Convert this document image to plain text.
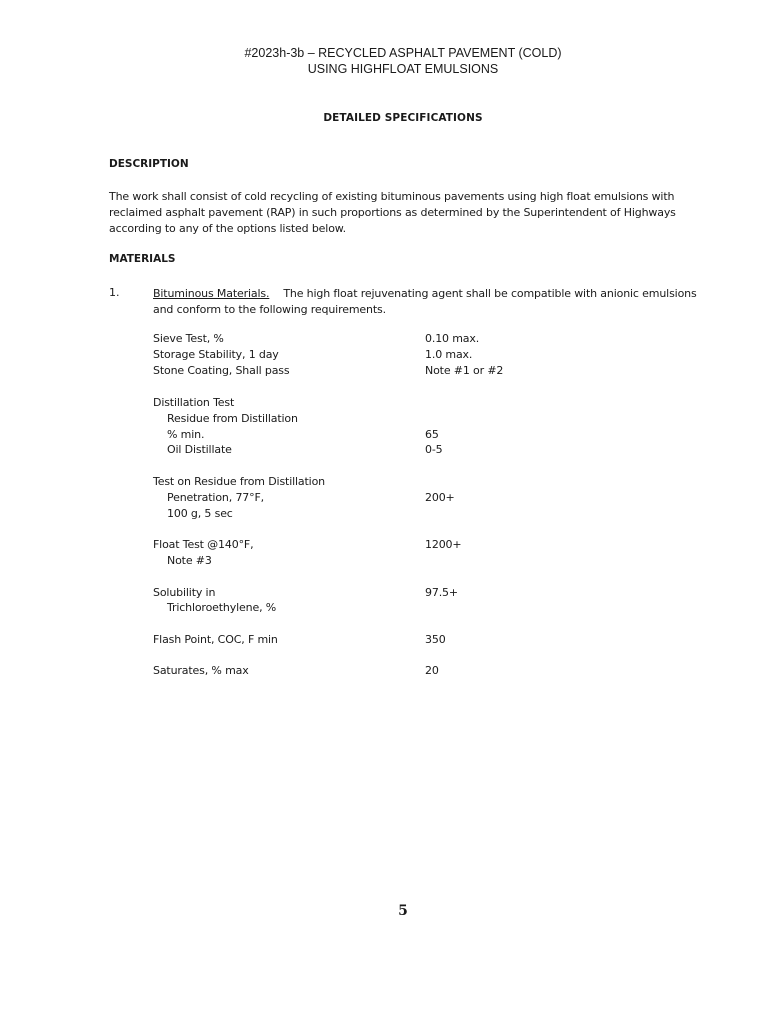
#2023h-3b – RECYCLED ASPHALT PAVEMENT (COLD)
USING HIGHFLOAT EMULSIONS
DETAILED SPECIFICATIONS
DESCRIPTION
The work shall consist of cold recycling of existing bituminous pavements using high float emulsions with
reclaimed asphalt pavement (RAP) in such proportions as determined by the Superintendent of Highways
according to any of the options listed below.
MATERIALS
1.	Bituminous Materials. The high float rejuvenating agent shall be compatible with anionic emulsions
and conform to the following requirements.
Sieve Test, %	0.10 max.
Storage Stability, 1 day	1.0 max.
Stone Coating, Shall pass	Note #1 or #2
Distillation Test
Residue from Distillation
% min.	65
Oil Distillate	0-5
Test on Residue from Distillation
Penetration, 77°F,	200+
100 g, 5 sec
Float Test @140°F,	1200+
Note #3
Solubility in	97.5+
Trichloroethylene, %
Flash Point, COC, F min	350
Saturates, % max	20
5
